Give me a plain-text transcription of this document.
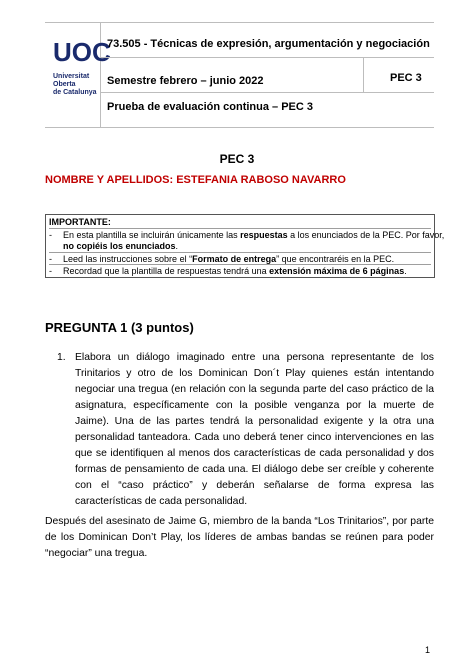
UOC
Universitat
Oberta
de Catalunya
73.505 - Técnicas de expresión, argumentación y negociación
Semestre febrero – junio 2022	PEC 3
Prueba de evaluación continua – PEC 3
PEC 3
NOMBRE Y APELLIDOS: ESTEFANIA RABOSO NAVARRO
IMPORTANTE:
- En esta plantilla se incluirán únicamente las respuestas a los enunciados de la PEC. Por favor,
no copiéis los enunciados.
- Leed las instrucciones sobre el “Formato de entrega” que encontraréis en la PEC.
- Recordad que la plantilla de respuestas tendrá una extensión máxima de 6 páginas.
PREGUNTA 1 (3 puntos)
1. Elabora un diálogo imaginado entre una persona representante de los Trinitarios y otro de los Dominican Don´t Play quienes están intentando negociar una tregua (en relación con la segunda parte del caso práctico de la asignatura, específicamente con la posible venganza por la muerte de Jaime). Una de las partes tendrá la personalidad exigente y la otra una personalidad tanteadora. Cada uno deberá tener cinco intervenciones en las que se identifiquen al menos dos características de cada personalidad y dos formas de pensamiento de cada una. El diálogo debe ser creíble y coherente con el “caso práctico” y deberán señalarse de forma expresa las características de cada personalidad.
Después del asesinato de Jaime G, miembro de la banda “Los Trinitarios”, por parte de los Dominican Don’t Play, los líderes de ambas bandas se reúnen para poder “negociar” una tregua.
1
